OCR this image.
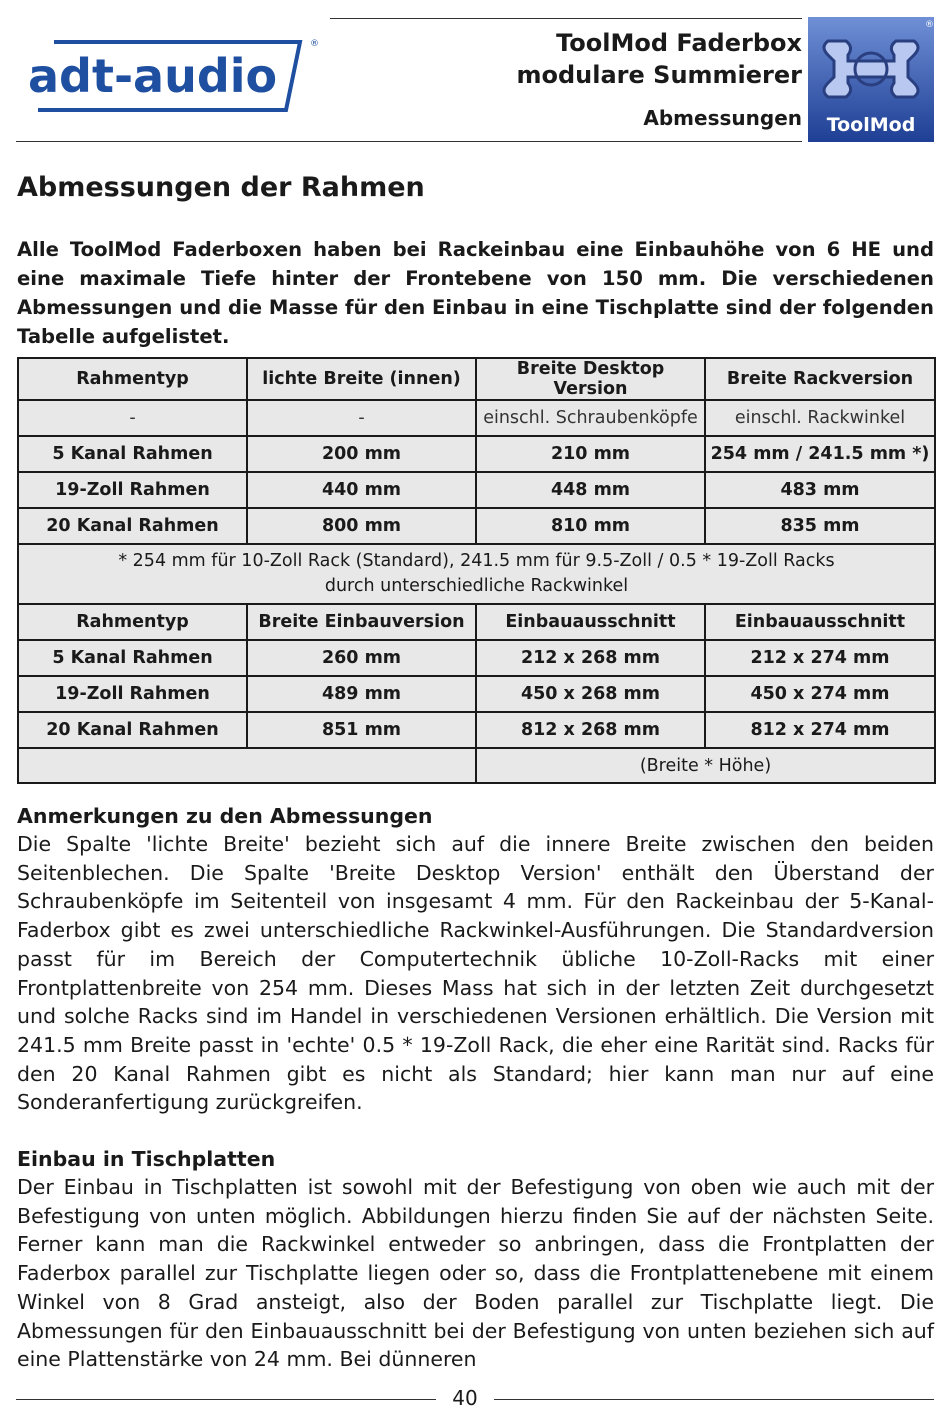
adt-audio
®	ToolMod Faderbox
modulare Summierer
Abmessungen ToolMod
®
Abmessungen der Rahmen

Alle ToolMod Faderboxen haben bei Rackeinbau eine Einbauhöhe von 6 HE und eine maximale Tiefe hinter der Frontebene von 150 mm. Die verschiedenen Abmessungen und die Masse für den Einbau in eine Tischplatte sind der folgenden Tabelle aufgelistet.

Rahmentyp	lichte Breite (innen)	Breite Desktop Version	Breite Rackversion
-	-	einschl. Schraubenköpfe	einschl. Rackwinkel
5 Kanal Rahmen	200 mm	210 mm	254 mm / 241.5 mm *)
19-Zoll Rahmen	440 mm	448 mm	483 mm
20 Kanal Rahmen	800 mm	810 mm	835 mm

* 254 mm für 10-Zoll Rack (Standard), 241.5 mm für 9.5-Zoll / 0.5 * 19-Zoll Racks
durch unterschiedliche Rackwinkel			

Rahmentyp	Breite Einbauversion	Einbauausschnitt	Einbauausschnitt
5 Kanal Rahmen	260 mm	212 x 268 mm	212 x 274 mm
19-Zoll Rahmen	489 mm	450 x 268 mm	450 x 274 mm
20 Kanal Rahmen	851 mm	812 x 268 mm	812 x 274 mm
		(Breite * Höhe)	
Anmerkungen zu den Abmessungen
Die Spalte 'lichte Breite' bezieht sich auf die innere Breite zwischen den beiden Seitenblechen. Die Spalte 'Breite Desktop Version' enthält den Überstand der Schraubenköpfe im Seitenteil von insgesamt 4 mm. Für den Rackeinbau der 5-Kanal-Faderbox gibt es zwei unterschiedliche Rackwinkel-Ausführungen. Die Standardversion passt für im Bereich der Computertechnik übliche 10-Zoll-Racks mit einer Frontplattenbreite von 254 mm. Dieses Mass hat sich in der letzten Zeit durchgesetzt und solche Racks sind im Handel in verschiedenen Versionen erhältlich. Die Version mit 241.5 mm Breite passt in 'echte' 0.5 * 19-Zoll Rack, die eher eine Rarität sind. Racks für den 20 Kanal Rahmen gibt es nicht als Standard; hier kann man nur auf eine Sonderanfertigung zurückgreifen.
Einbau in Tischplatten
Der Einbau in Tischplatten ist sowohl mit der Befestigung von oben wie auch mit der Befestigung von unten möglich. Abbildungen hierzu finden Sie auf der nächsten Seite. Ferner kann man die Rackwinkel entweder so anbringen, dass die Frontplatten der Faderbox parallel zur Tischplatte liegen oder so, dass die Frontplattenebene mit einem Winkel von 8 Grad ansteigt, also der Boden parallel zur Tischplatte liegt. Die Abmessungen für den Einbauausschnitt bei der Befestigung von unten beziehen sich auf eine Plattenstärke von 24 mm. Bei dünneren
40
